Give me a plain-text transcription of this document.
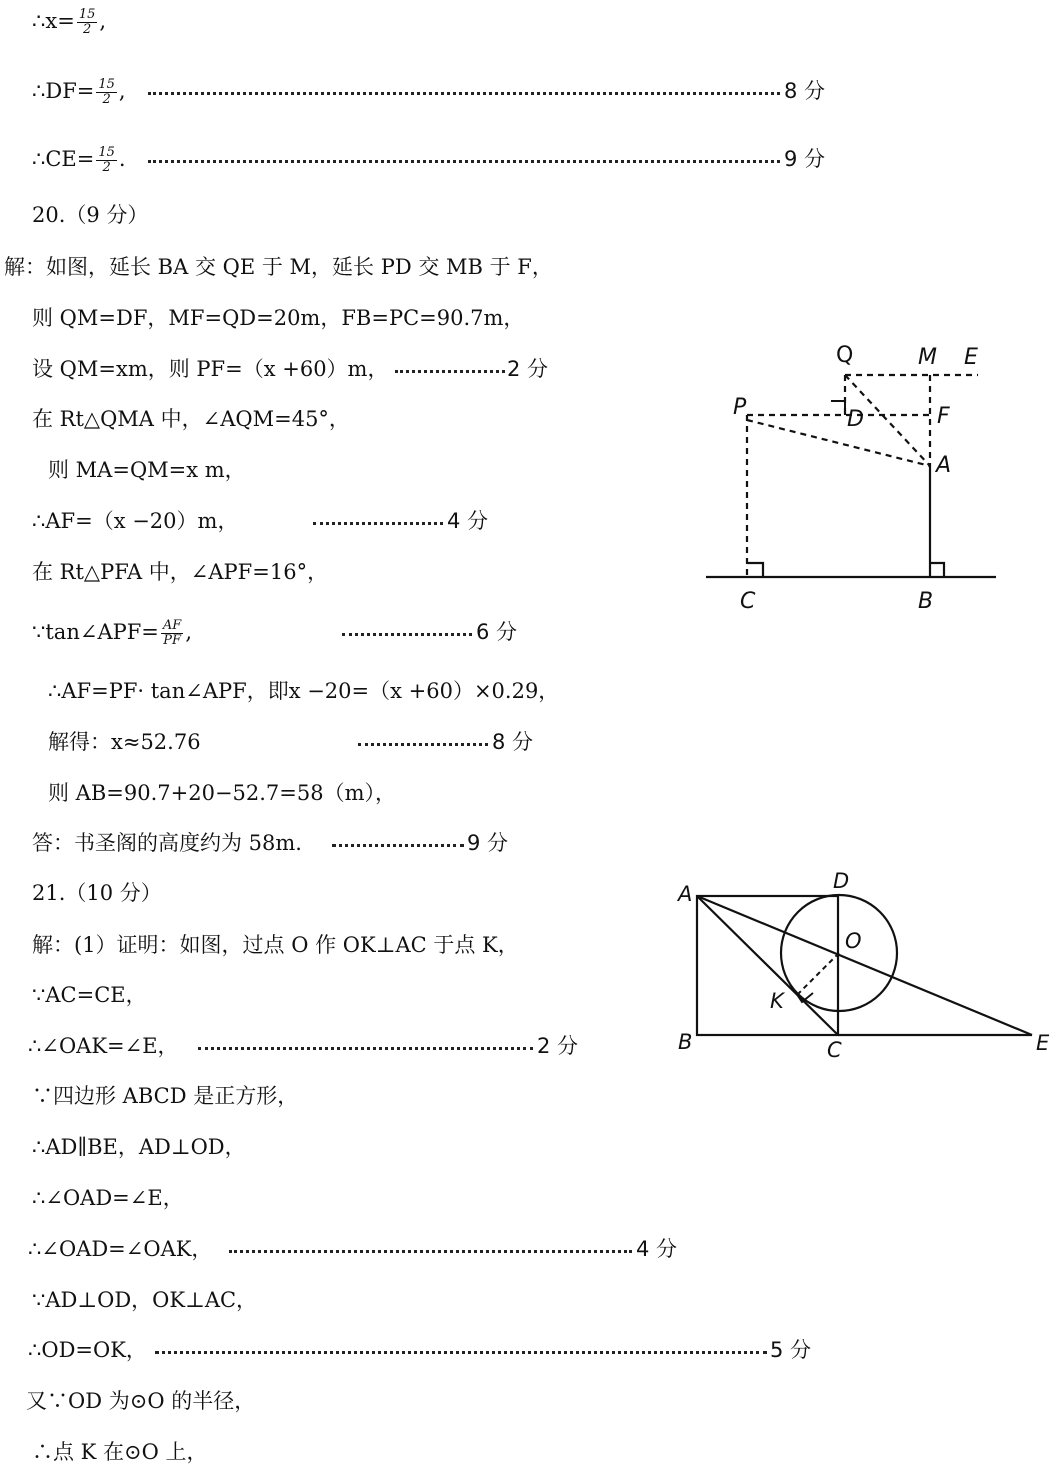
∴x= $\frac{15}{2}$ ,
∴DF= $\frac{15}{2}$ ,	8 分
∴CE= $\frac{15}{2}$ .	9 分
20.（9 分）
解：如图，延长 BA 交 QE 于 M，延长 PD 交 MB 于 F，
则 QM=DF，MF=QD=20m，FB=PC=90.7m，
设 QM=xm，则 PF=（x +60）m，	2 分
在 Rt△QMA 中，∠AQM=45°，
则 MA=QM=x m，
∴AF=（x −20）m，	4 分
在 Rt△PFA 中，∠APF=16°，
∵tan∠APF= $\frac{AF}{PF}$ ,	6 分
∴AF=PF· tan∠APF，即x −20=（x +60）×0.29，
解得：x≈52.76	8 分
则 AB=90.7+20−52.7=58（m），
答：书圣阁的高度约为 58m.	9 分
21.（10 分）
解：(1）证明：如图，过点 O 作 OK⊥AC 于点 K，
∵AC=CE，
∴∠OAK=∠E，	2 分
∵四边形 ABCD 是正方形，
∴AD∥BE，AD⊥OD，
∴∠OAD=∠E，
∴∠OAD=∠OAK，	4 分
∵AD⊥OD，OK⊥AC，
∴OD=OK，	5 分
又∵OD 为⊙O 的半径，
∴点 K 在⊙O 上，
Q	M E
P	D	F
A
C	B
A
D
O
K
B	C	E
